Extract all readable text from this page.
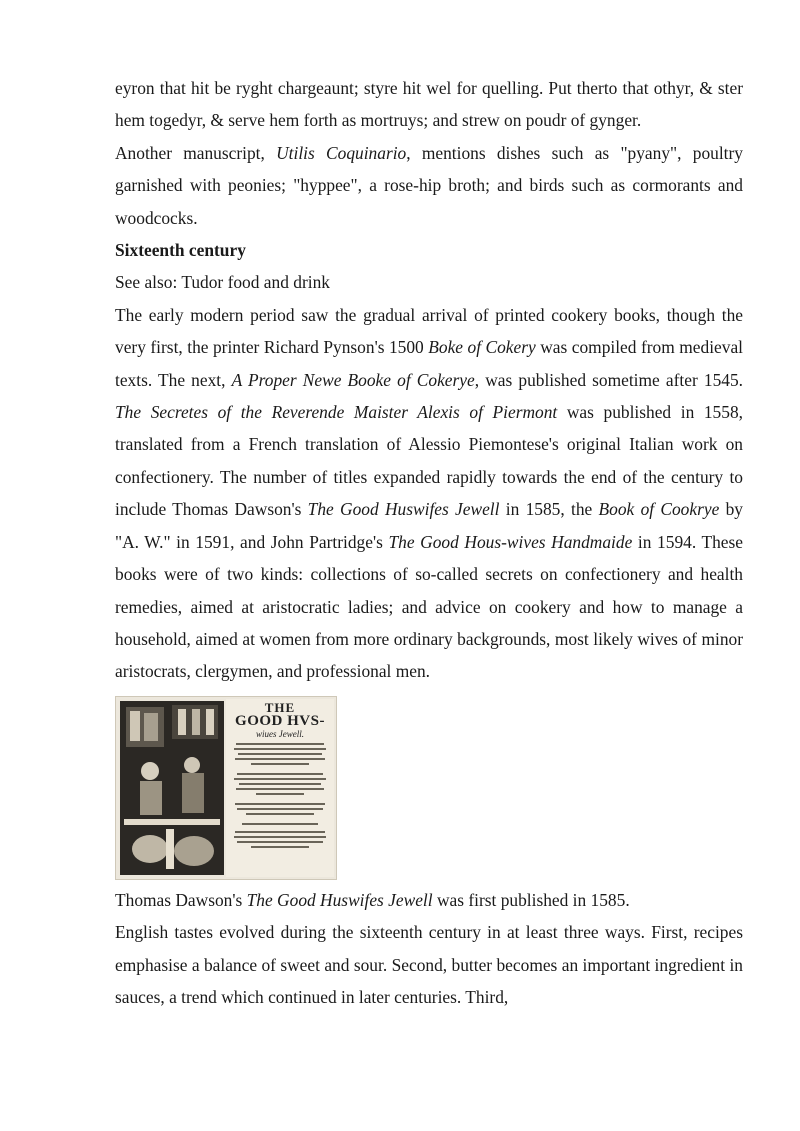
eyron that hit be ryght chargeaunt; styre hit wel for quelling. Put therto that othyr, & ster hem togedyr, & serve hem forth as mortruys; and strew on poudr of gynger.

Another manuscript, Utilis Coquinario, mentions dishes such as "pyany", poultry garnished with peonies; "hyppee", a rose-hip broth; and birds such as cormorants and woodcocks.

Sixteenth century

See also: Tudor food and drink

The early modern period saw the gradual arrival of printed cookery books, though the very first, the printer Richard Pynson's 1500 Boke of Cokery was compiled from medieval texts. The next, A Proper Newe Booke of Cokerye, was published sometime after 1545. The Secretes of the Reverende Maister Alexis of Piermont was published in 1558, translated from a French translation of Alessio Piemontese's original Italian work on confectionery. The number of titles expanded rapidly towards the end of the century to include Thomas Dawson's The Good Huswifes Jewell in 1585, the Book of Cookrye by "A. W." in 1591, and John Partridge's The Good Hous-wives Handmaide in 1594. These books were of two kinds: collections of so-called secrets on confectionery and health remedies, aimed at aristocratic ladies; and advice on cookery and how to manage a household, aimed at women from more ordinary backgrounds, most likely wives of minor aristocrats, clergymen, and professional men.

THE
GOOD HVS-
wiues Jewell.

Thomas Dawson's The Good Huswifes Jewell was first published in 1585.

English tastes evolved during the sixteenth century in at least three ways. First, recipes emphasise a balance of sweet and sour. Second, butter becomes an important ingredient in sauces, a trend which continued in later centuries. Third,
